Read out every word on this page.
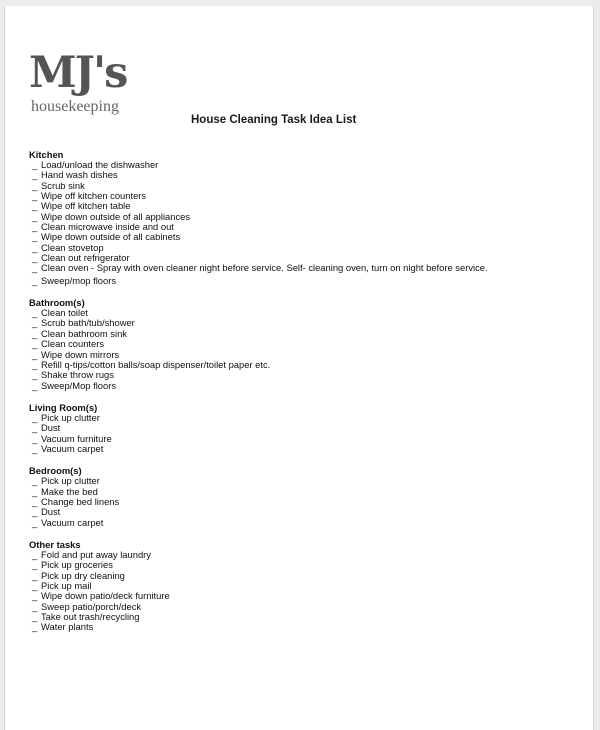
MJ's
housekeeping
House Cleaning Task Idea List
Kitchen
_ Load/unload the dishwasher
_ Hand wash dishes
_ Scrub sink
_ Wipe off kitchen counters
_ Wipe off kitchen table
_ Wipe down outside of all appliances
_ Clean microwave inside and out
_ Wipe down outside of all cabinets
_ Clean stovetop
_ Clean out refrigerator
_ Clean oven - Spray with oven cleaner night before service. Self- cleaning oven, turn on night before service.
_ Sweep/mop floors
Bathroom(s)
_ Clean toilet
_ Scrub bath/tub/shower
_ Clean bathroom sink
_ Clean counters
_ Wipe down mirrors
_ Refill q-tips/cotton balls/soap dispenser/toilet paper etc.
_ Shake throw rugs
_ Sweep/Mop floors
Living Room(s)
_ Pick up clutter
_ Dust
_ Vacuum furniture
_ Vacuum carpet
Bedroom(s)
_ Pick up clutter
_ Make the bed
_ Change bed linens
_ Dust
_ Vacuum carpet
Other tasks
_ Fold and put away laundry
_ Pick up groceries
_ Pick up dry cleaning
_ Pick up mail
_ Wipe down patio/deck furniture
_ Sweep patio/porch/deck
_ Take out trash/recycling
_ Water plants
